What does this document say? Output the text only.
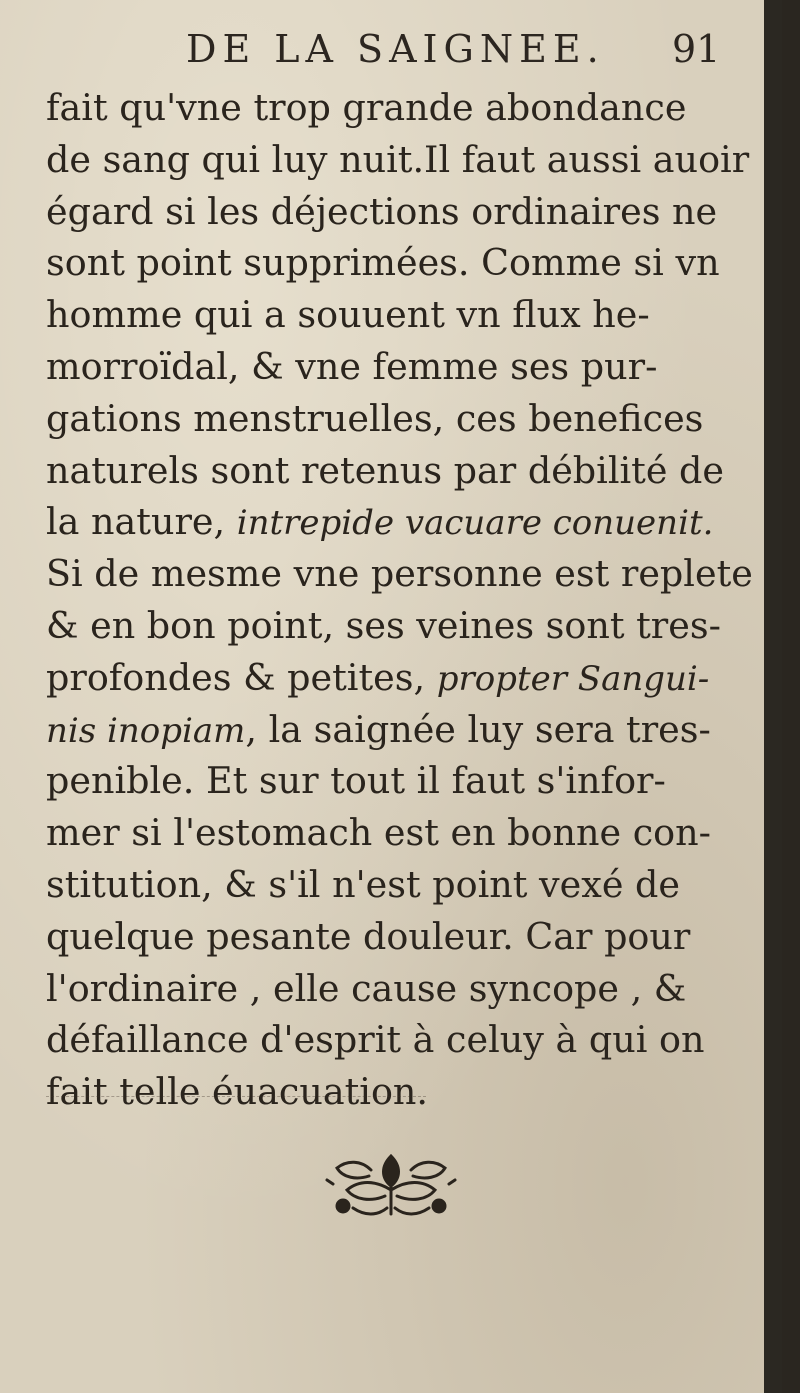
DE LA SAIGNEE. 91
fait qu'vne trop grande abondance
de sang qui luy nuit.Il faut aussi auoir
égard si les déjections ordinaires ne
sont point supprimées. Comme si vn
homme qui a souuent vn flux he-
morroïdal, & vne femme ses pur-
gations menstruelles, ces benefices
naturels sont retenus par débilité de
la nature, intrepide vacuare conuenit.
Si de mesme vne personne est replete
& en bon point, ses veines sont tres-
profondes & petites, propter Sangui-
nis inopiam, la saignée luy sera tres-
penible. Et sur tout il faut s'infor-
mer si l'estomach est en bonne con-
stitution, & s'il n'est point vexé de
quelque pesante douleur. Car pour
l'ordinaire , elle cause syncope , &
défaillance d'esprit à celuy à qui on
fait telle éuacuation.
